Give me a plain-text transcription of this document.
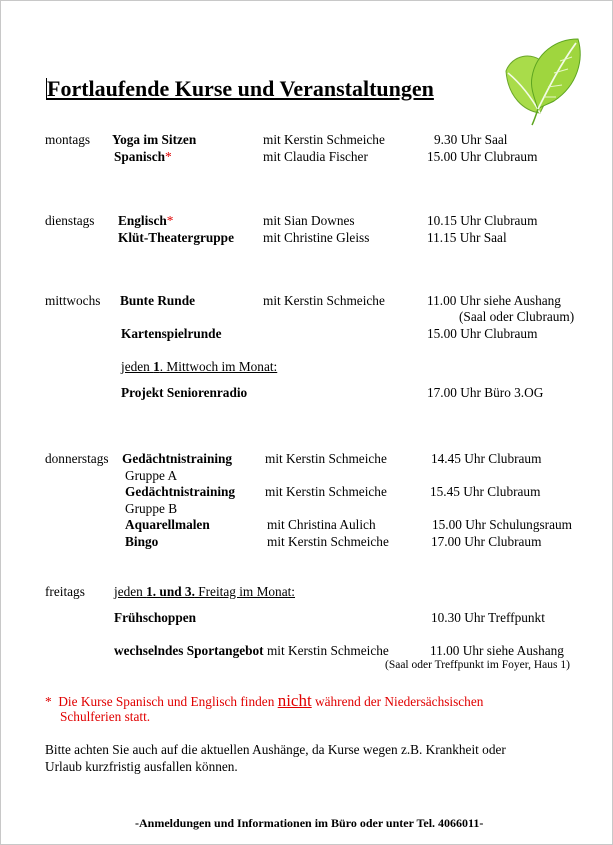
Fortlaufende Kurse und Veranstaltungen
montags Yoga im Sitzen	mit Kerstin Schmeiche	9.30 Uhr Saal
Spanisch*	mit Claudia Fischer	15.00 Uhr Clubraum
dienstags Englisch*	mit Sian Downes	10.15 Uhr Clubraum
Klüt-Theatergruppe mit Christine Gleiss	11.15 Uhr Saal
mittwochs Bunte Runde	mit Kerstin Schmeiche	11.00 Uhr siehe Aushang
(Saal oder Clubraum)
Kartenspielrunde	15.00 Uhr Clubraum
jeden 1. Mittwoch im Monat:
Projekt Seniorenradio	17.00 Uhr Büro 3.OG
donnerstags Gedächtnistraining mit Kerstin Schmeiche	14.45 Uhr Clubraum
Gruppe A
Gedächtnistraining mit Kerstin Schmeiche	15.45 Uhr Clubraum
Gruppe B
Aquarellmalen	mit Christina Aulich	15.00 Uhr Schulungsraum
Bingo	mit Kerstin Schmeiche	17.00 Uhr Clubraum
freitags jeden 1. und 3. Freitag im Monat:
Frühschoppen	10.30 Uhr Treffpunkt
wechselndes Sportangebot mit Kerstin Schmeiche	11.00 Uhr siehe Aushang
(Saal oder Treffpunkt im Foyer, Haus 1)
* Die Kurse Spanisch und Englisch finden nicht während der Niedersächsischen
Schulferien statt.
Bitte achten Sie auch auf die aktuellen Aushänge, da Kurse wegen z.B. Krankheit oder
Urlaub kurzfristig ausfallen können.
-Anmeldungen und Informationen im Büro oder unter Tel. 4066011-
